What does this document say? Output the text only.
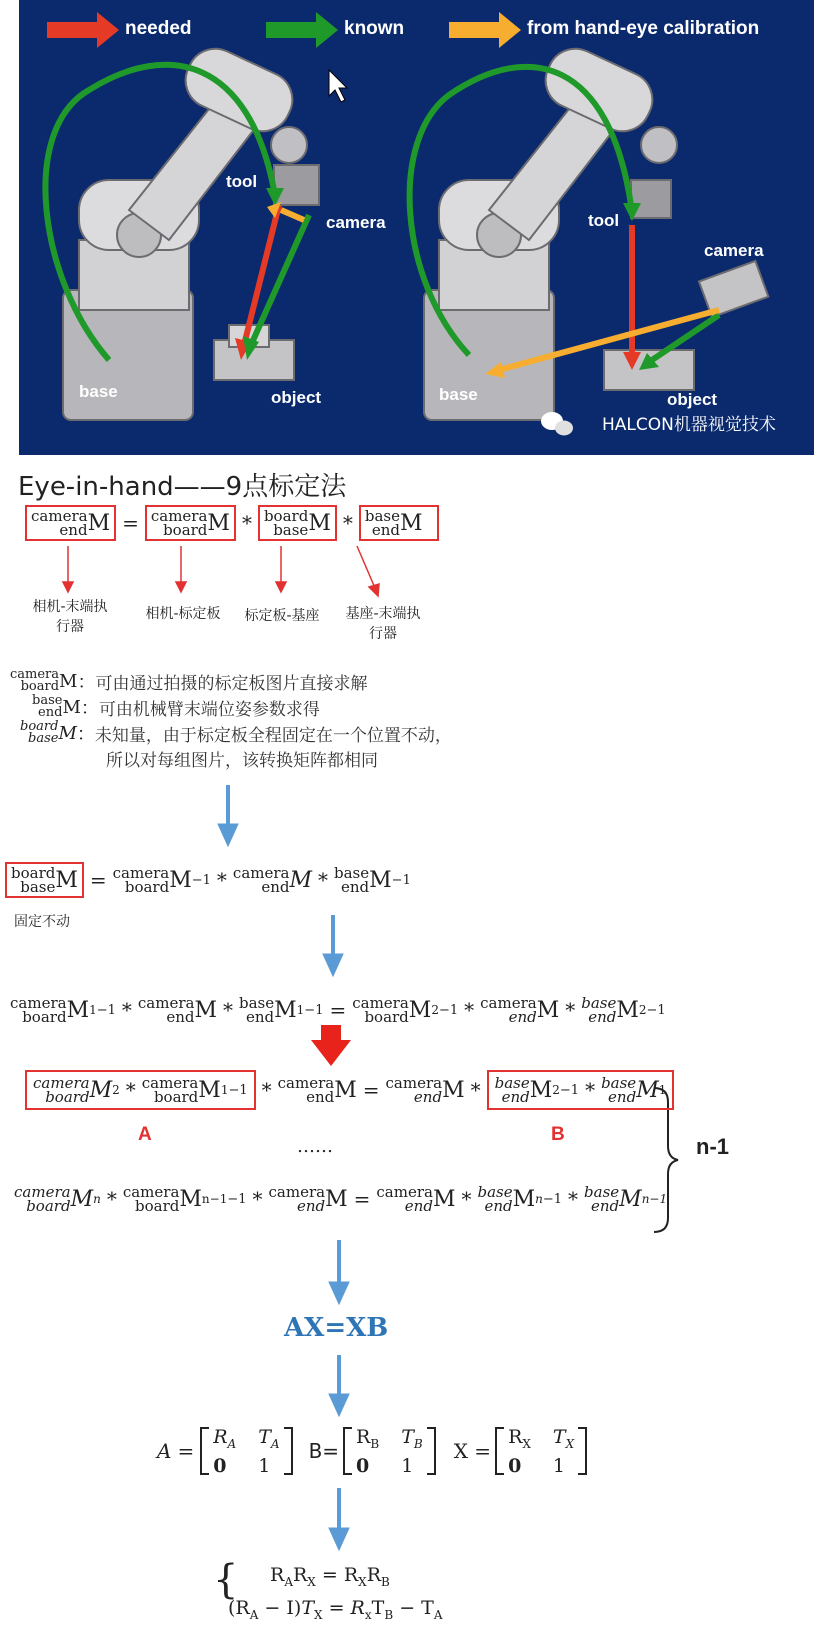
needed	known	from hand-eye calibration
tool
camera
base	object
tool
camera
base	object
HALCON机器视觉技术
Eye-in-hand——9点标定法
camera
end M = camera
board M * board
base M * base
end M
相机-末端执
行器
相机-标定板	标定板-基座	基座-末端执
行器
camera
board M ： 可由通过拍摄的标定板图片直接求解
base
end M ： 可由机械臂末端位姿参数求得
board
base M ： 未知量，由于标定板全程固定在一个位置不动，
所以对每组图片，该转换矩阵都相同
board
base M = camera
board M −1 * camera
end M * base
end M −1
固定不动
camera
board M 1 −1 * camera
end M * base
end M 1 −1 = camera
board M 2 −1 * camera
end M * base
end M 2 −1
camera
board M 2 * camera
board M 1 −1 * camera
end M = camera
end M * base
end M 2 −1 * base
end M 1
A	B
……	n-1
camera
board M n * camera
board M n−1 −1 * camera
end M = camera
end M * base
end M n −1 * base
end M n−1
AX=XB
A =
$R_A$ $T_A$
0	1
B=
$R_B$ $T_B$
0	1
X =
$R_X$ $T_X$
0	1
{ $R_AR_X = R_XR_B$
$(R_A - I)T_X = R_xT_B - T_A$
